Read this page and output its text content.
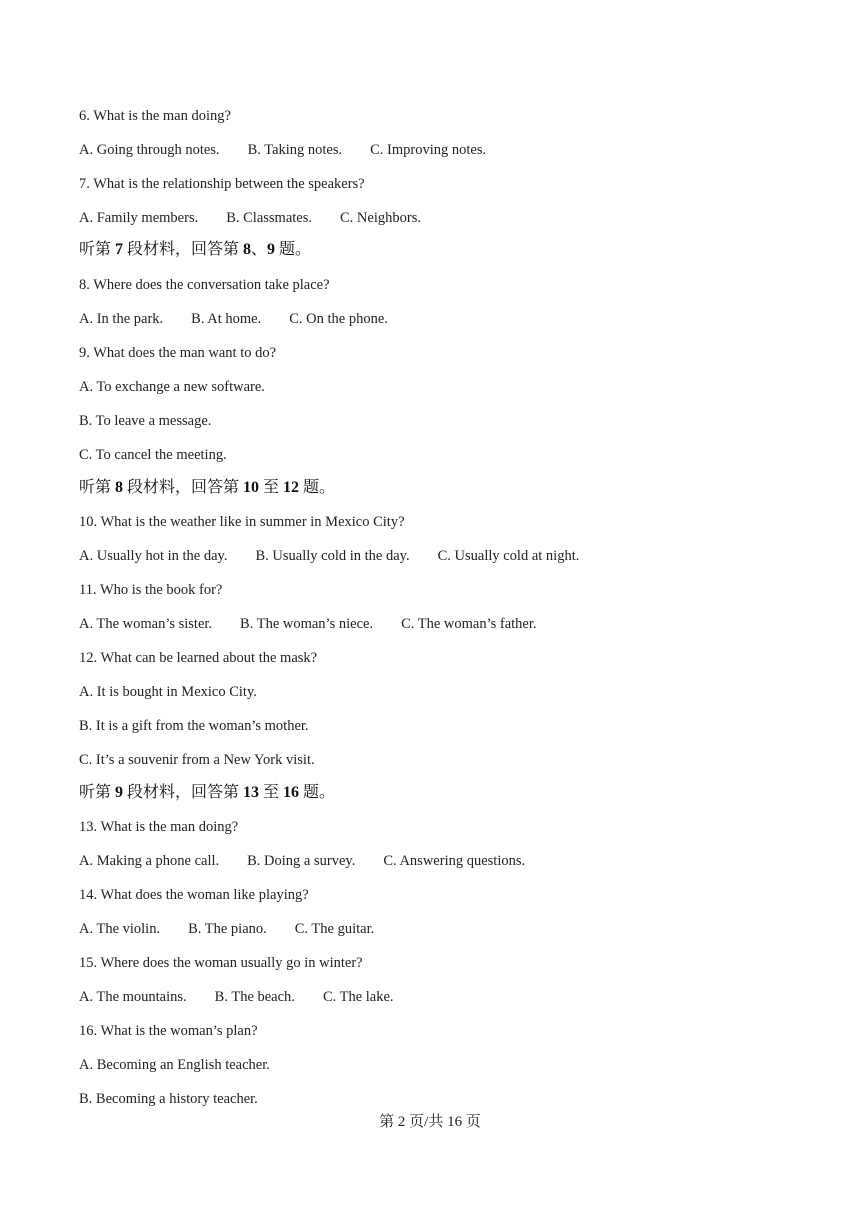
6. What is the man doing?
A. Going through notes. B. Taking notes. C. Improving notes.
7. What is the relationship between the speakers?
A. Family members. B. Classmates. C. Neighbors.
听第 7 段材料，回答第 8、9 题。
8. Where does the conversation take place?
A. In the park. B. At home. C. On the phone.
9. What does the man want to do?
A. To exchange a new software.
B. To leave a message.
C. To cancel the meeting.
听第 8 段材料，回答第 10 至 12 题。
10. What is the weather like in summer in Mexico City?
A. Usually hot in the day. B. Usually cold in the day. C. Usually cold at night.
11. Who is the book for?
A. The woman’s sister. B. The woman’s niece. C. The woman’s father.
12. What can be learned about the mask?
A. It is bought in Mexico City.
B. It is a gift from the woman’s mother.
C. It’s a souvenir from a New York visit.
听第 9 段材料，回答第 13 至 16 题。
13. What is the man doing?
A. Making a phone call. B. Doing a survey. C. Answering questions.
14. What does the woman like playing?
A. The violin. B. The piano. C. The guitar.
15. Where does the woman usually go in winter?
A. The mountains. B. The beach. C. The lake.
16. What is the woman’s plan?
A. Becoming an English teacher.
B. Becoming a history teacher.
第 2 页/共 16 页
